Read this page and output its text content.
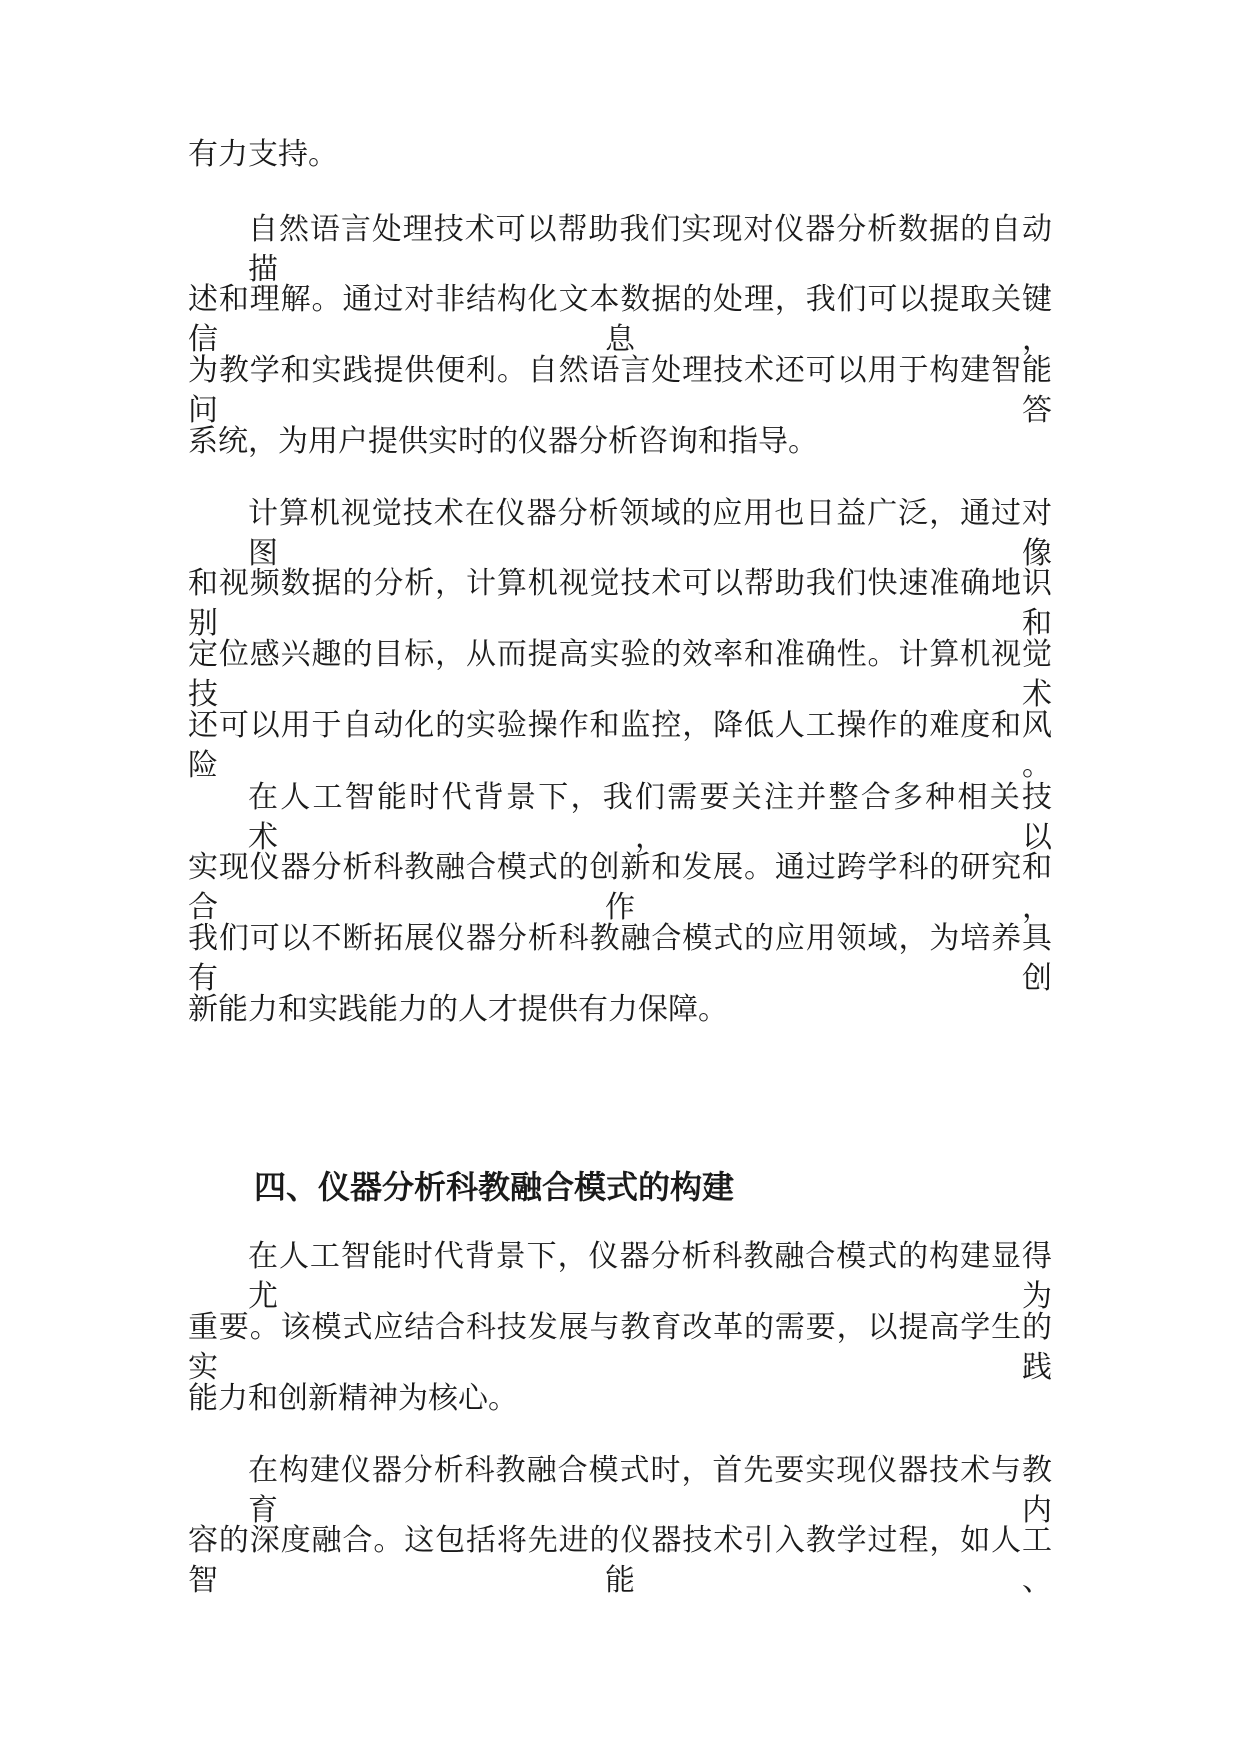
有力支持。

自然语言处理技术可以帮助我们实现对仪器分析数据的自动描

述和理解。通过对非结构化文本数据的处理，我们可以提取关键信息，

为教学和实践提供便利。自然语言处理技术还可以用于构建智能问答

系统，为用户提供实时的仪器分析咨询和指导。

计算机视觉技术在仪器分析领域的应用也日益广泛，通过对图像

和视频数据的分析，计算机视觉技术可以帮助我们快速准确地识别和

定位感兴趣的目标，从而提高实验的效率和准确性。计算机视觉技术

还可以用于自动化的实验操作和监控，降低人工操作的难度和风险。

在人工智能时代背景下，我们需要关注并整合多种相关技术，以

实现仪器分析科教融合模式的创新和发展。通过跨学科的研究和合作，

我们可以不断拓展仪器分析科教融合模式的应用领域，为培养具有创

新能力和实践能力的人才提供有力保障。

四、仪器分析科教融合模式的构建

在人工智能时代背景下，仪器分析科教融合模式的构建显得尤为

重要。该模式应结合科技发展与教育改革的需要，以提高学生的实践

能力和创新精神为核心。

在构建仪器分析科教融合模式时，首先要实现仪器技术与教育内

容的深度融合。这包括将先进的仪器技术引入教学过程，如人工智能、
